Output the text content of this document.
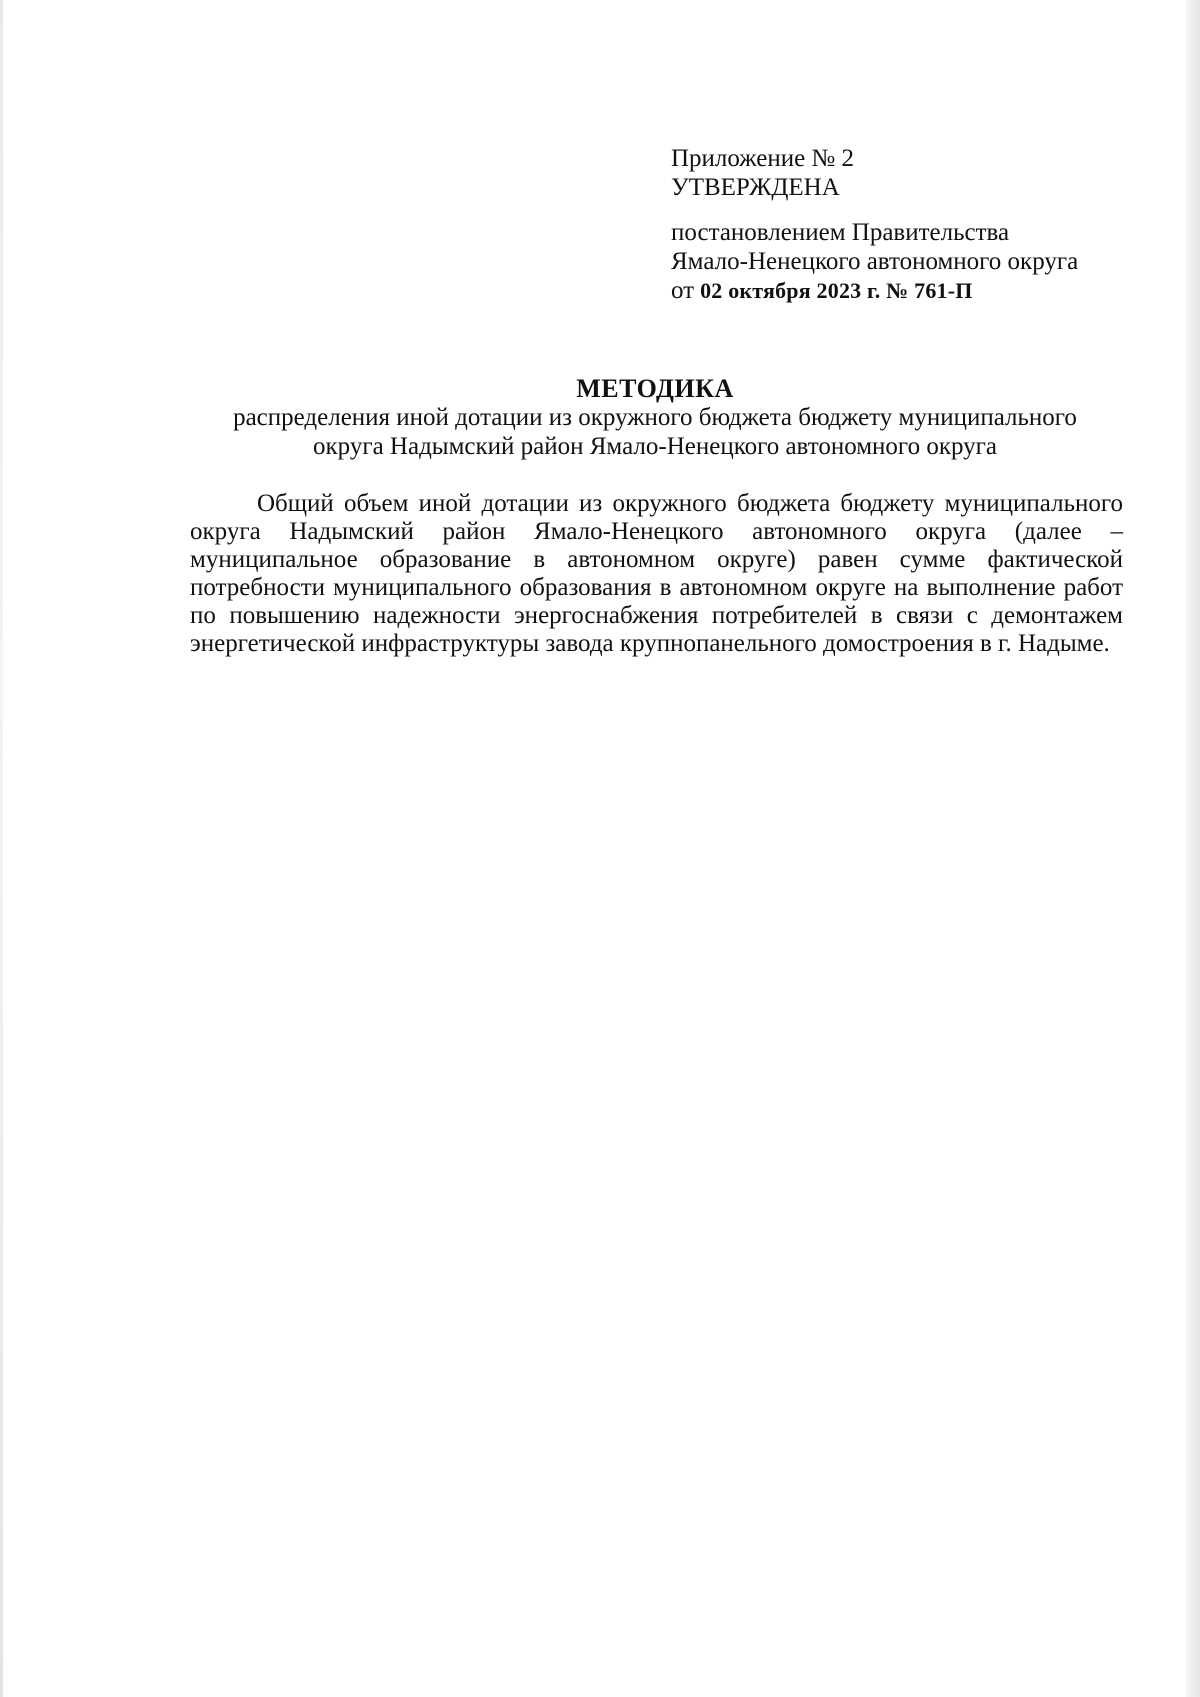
Приложение № 2
УТВЕРЖДЕНА
постановлением Правительства
Ямало-Ненецкого автономного округа
от 02 октября 2023 г. № 761-П
МЕТОДИКА
распределения иной дотации из окружного бюджета бюджету муниципального
округа Надымский район Ямало-Ненецкого автономного округа

Общий объем иной дотации из окружного бюджета бюджету муниципального округа Надымский район Ямало-Ненецкого автономного округа (далее – муниципальное образование в автономном округе) равен сумме фактической потребности муниципального образования в автономном округе на выполнение работ по повышению надежности энергоснабжения потребителей в связи с демонтажем энергетической инфраструктуры завода крупнопанельного домостроения в г. Надыме.
